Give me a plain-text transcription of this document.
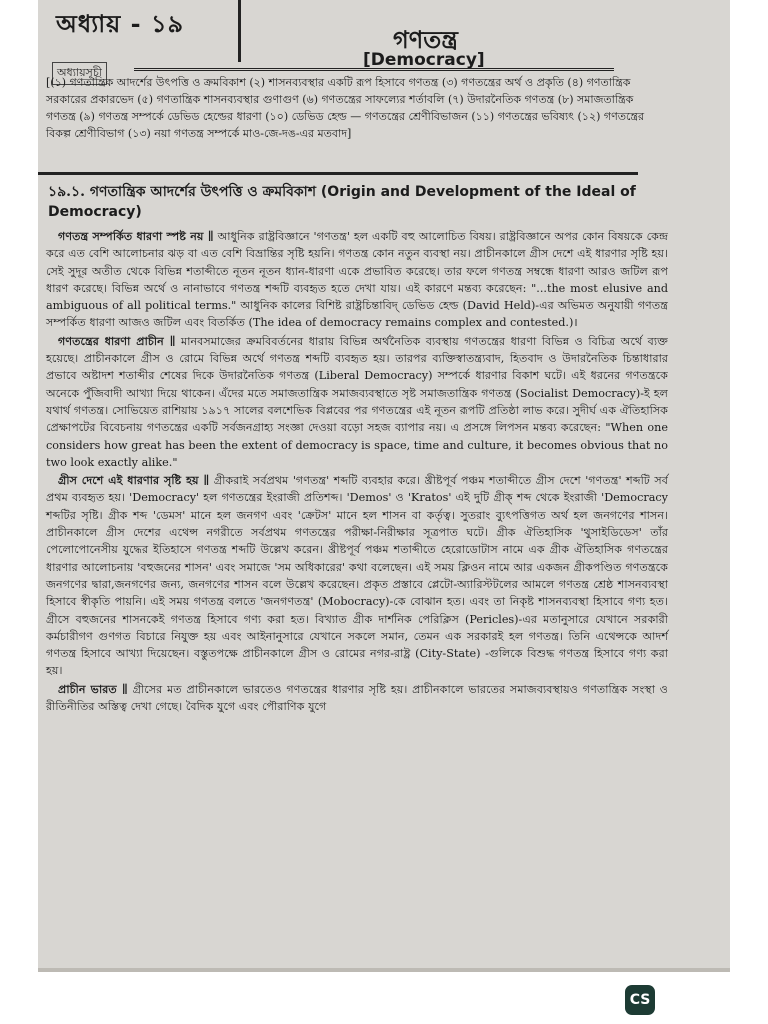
অধ্যায় - ১৯
গণতন্ত্র
[Democracy]
অধ্যায়সূচী
[(১) গণতান্ত্রিক আদর্শের উৎপত্তি ও ক্রমবিকাশ (২) শাসনব্যবস্থার একটি রূপ হিসাবে গণতন্ত্র (৩) গণতন্ত্রের অর্থ ও প্রকৃতি (৪) গণতান্ত্রিক সরকারের প্রকারভেদ (৫) গণতান্ত্রিক শাসনব্যবস্থার গুণাগুণ (৬) গণতন্ত্রের সাফল্যের শর্তাবলি (৭) উদারনৈতিক গণতন্ত্র (৮) সমাজতান্ত্রিক গণতন্ত্র (৯) গণতন্ত্র সম্পর্কে ডেভিড হেল্ডের ধারণা (১০) ডেভিড হেল্ড — গণতন্ত্রের শ্রেণীবিভাজন (১১) গণতন্ত্রের ভবিষ্যৎ (১২) গণতন্ত্রের বিকল্প শ্রেণীবিভাগ (১৩) নয়া গণতন্ত্র সম্পর্কে মাও-জে-দঙ-এর মতবাদ]
১৯.১. গণতান্ত্রিক আদর্শের উৎপত্তি ও ক্রমবিকাশ (Origin and Development of the Ideal of Democracy)

গণতন্ত্র সম্পর্কিত ধারণা স্পষ্ট নয় ∥ আধুনিক রাষ্ট্রবিজ্ঞানে 'গণতন্ত্র' হল একটি বহু আলোচিত বিষয়। রাষ্ট্রবিজ্ঞানে অপর কোন বিষয়কে কেন্দ্র করে এত বেশি আলোচনার ঝড় বা এত বেশি বিভ্রান্তির সৃষ্টি হয়নি। গণতন্ত্র কোন নতুন ব্যবস্থা নয়। প্রাচীনকালে গ্রীস দেশে এই ধারণার সৃষ্টি হয়। সেই সুদূর অতীত থেকে বিভিন্ন শতাব্দীতে নূতন নূতন ধ্যান-ধারণা একে প্রভাবিত করেছে। তার ফলে গণতন্ত্র সম্বন্ধে ধারণা আরও জটিল রূপ ধারণ করেছে। বিভিন্ন অর্থে ও নানাভাবে গণতন্ত্র শব্দটি ব্যবহৃত হতে দেখা যায়। এই কারণে মন্তব্য করেছেন: "...the most elusive and ambiguous of all political terms." আধুনিক কালের বিশিষ্ট রাষ্ট্রচিন্তাবিদ্ ডেভিড হেল্ড (David Held)-এর অভিমত অনুযায়ী গণতন্ত্র সম্পর্কিত ধারণা আজও জটিল এবং বিতর্কিত (The idea of democracy remains complex and contested.)।

গণতন্ত্রের ধারণা প্রাচীন ∥ মানবসমাজের ক্রমবিবর্তনের ধারায় বিভিন্ন অর্থনৈতিক ব্যবস্থায় গণতন্ত্রের ধারণা বিভিন্ন ও বিচিত্র অর্থে ব্যক্ত হয়েছে। প্রাচীনকালে গ্রীস ও রোমে বিভিন্ন অর্থে গণতন্ত্র শব্দটি ব্যবহৃত হয়। তারপর ব্যক্তিস্বাতন্ত্র্যবাদ, হিতবাদ ও উদারনৈতিক চিন্তাধারার প্রভাবে অষ্টাদশ শতাব্দীর শেষের দিকে উদারনৈতিক গণতন্ত্র (Liberal Democracy) সম্পর্কে ধারণার বিকাশ ঘটে। এই ধরনের গণতন্ত্রকে অনেকে পুঁজিবাদী আখ্যা দিয়ে থাকেন। এঁদের মতে সমাজতান্ত্রিক সমাজব্যবস্থাতে সৃষ্ট সমাজতান্ত্রিক গণতন্ত্র (Socialist Democracy)-ই হল যথার্থ গণতন্ত্র। সোভিয়েত রাশিয়ায় ১৯১৭ সালের বলশেভিক বিপ্লবের পর গণতন্ত্রের এই নূতন রূপটি প্রতিষ্ঠা লাভ করে। সুদীর্ঘ এক ঐতিহাসিক প্রেক্ষাপটের বিবেচনায় গণতন্ত্রের একটি সর্বজনগ্রাহ্য সংজ্ঞা দেওয়া বড়ো সহজ ব্যাপার নয়। এ প্রসঙ্গে লিপসন মন্তব্য করেছেন: "When one considers how great has been the extent of democracy is space, time and culture, it becomes obvious that no two look exactly alike."

গ্রীস দেশে এই ধারণার সৃষ্টি হয় ∥ গ্রীকরাই সর্বপ্রথম 'গণতন্ত্র' শব্দটি ব্যবহার করে। খ্রীষ্টপূর্ব পঞ্চম শতাব্দীতে গ্রীস দেশে 'গণতন্ত্র' শব্দটি সর্ব প্রথম ব্যবহৃত হয়। 'Democracy' হল গণতন্ত্রের ইংরাজী প্রতিশব্দ। 'Demos' ও 'Kratos' এই দুটি গ্রীক্ শব্দ থেকে ইংরাজী 'Democracy শব্দটির সৃষ্টি। গ্রীক শব্দ 'ডেমস' মানে হল জনগণ এবং 'ক্রেটস' মানে হল শাসন বা কর্তৃত্ব। সুতরাং ব্যুৎপত্তিগত অর্থ হল জনগণের শাসন। প্রাচীনকালে গ্রীস দেশের এথেন্স নগরীতে সর্বপ্রথম গণতন্ত্রের পরীক্ষা-নিরীক্ষার সূত্রপাত ঘটে। গ্রীক ঐতিহাসিক 'থুসাইডিডেস' তাঁর পেলোপোনেসীয় যুদ্ধের ইতিহাসে গণতন্ত্র শব্দটি উল্লেখ করেন। খ্রীষ্টপূর্ব পঞ্চম শতাব্দীতে হেরোডোটাস নামে এক গ্রীক ঐতিহাসিক গণতন্ত্রের ধারণার আলোচনায় 'বহুজনের শাসন' এবং সমাজে 'সম অধিকারের' কথা বলেছেন। এই সময় ক্লিওন নামে আর একজন গ্রীকপণ্ডিত গণতন্ত্রকে জনগণের দ্বারা,জনগণের জন্য, জনগণের শাসন বলে উল্লেখ করেছেন। প্রকৃত প্রস্তাবে প্লেটো-অ্যারিস্টটলের আমলে গণতন্ত্র শ্রেষ্ঠ শাসনব্যবস্থা হিসাবে স্বীকৃতি পায়নি। এই সময় গণতন্ত্র বলতে 'জনগণতন্ত্র' (Mobocracy)-কে বোঝান হত। এবং তা নিকৃষ্ট শাসনব্যবস্থা হিসাবে গণ্য হত। গ্রীসে বহুজনের শাসনকেই গণতন্ত্র হিসাবে গণ্য করা হত। বিখ্যাত গ্রীক দার্শনিক পেরিক্লিস (Pericles)-এর মতানুসারে যেখানে সরকারী কর্মচারীগণ গুণগত বিচারে নিযুক্ত হয় এবং আইনানুসারে যেখানে সকলে সমান, তেমন এক সরকারই হল গণতন্ত্র। তিনি এথেন্সকে আদর্শ গণতন্ত্র হিসাবে আখ্যা দিয়েছেন। বস্তুতপক্ষে প্রাচীনকালে গ্রীস ও রোমের নগর-রাষ্ট্র (City-State) -গুলিকে বিশুদ্ধ গণতন্ত্র হিসাবে গণ্য করা হয়।

প্রাচীন ভারত ∥ গ্রীসের মত প্রাচীনকালে ভারতেও গণতন্ত্রের ধারণার সৃষ্টি হয়। প্রাচীনকালে ভারতের সমাজব্যবস্থায়ও গণতান্ত্রিক সংস্থা ও রীতিনীতির অস্তিত্ব দেখা গেছে। বৈদিক যুগে এবং পৌরাণিক যুগে

CS
